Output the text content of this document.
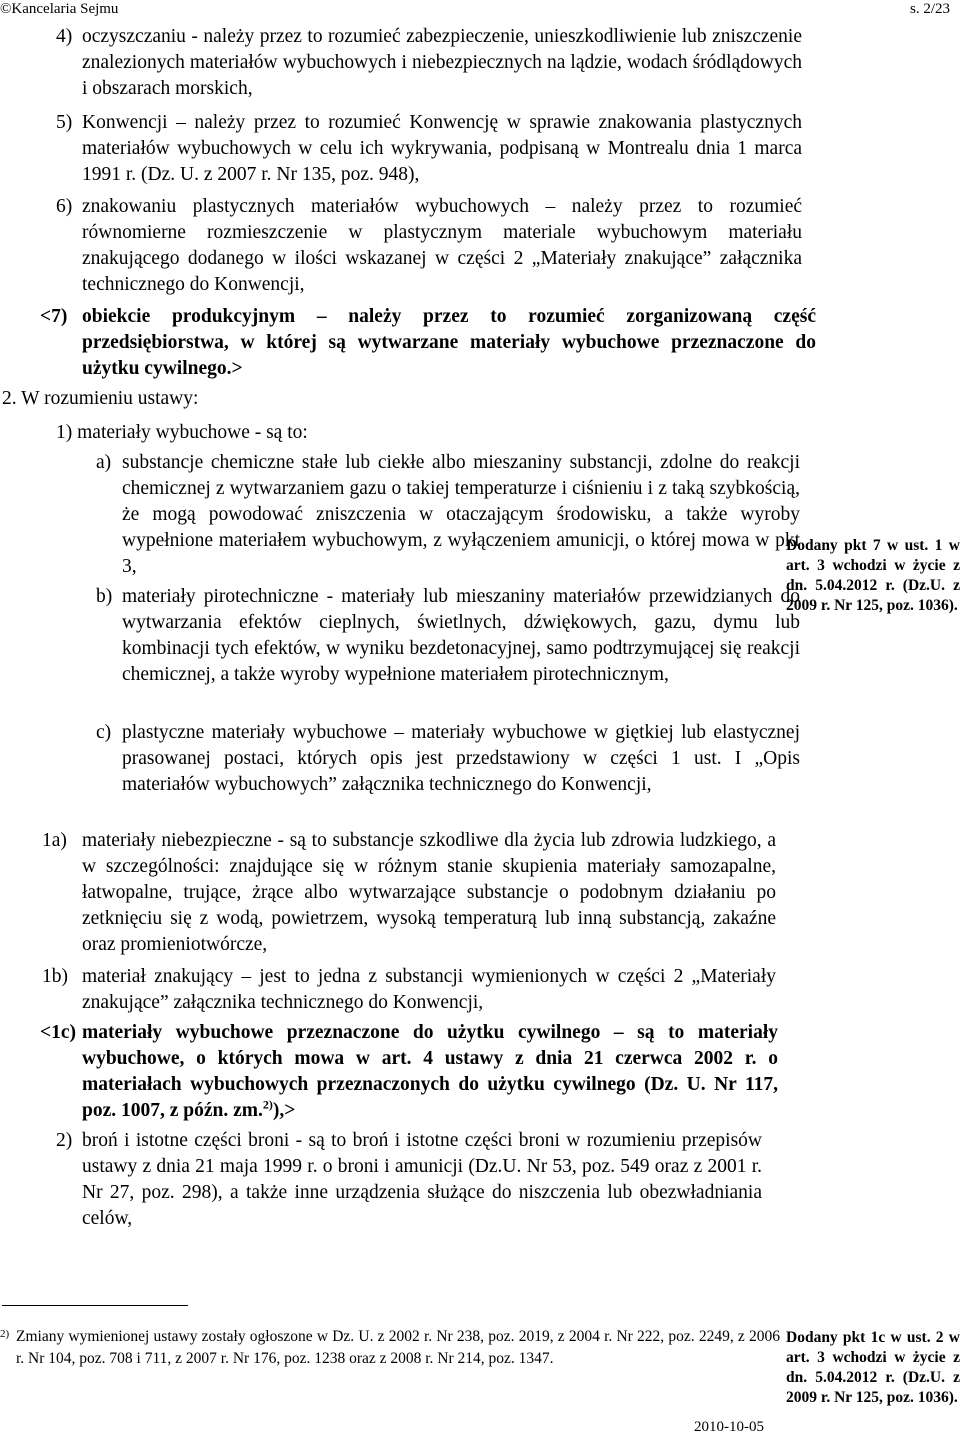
©Kancelaria Sejmu	s. 2/23
4) oczyszczaniu - należy przez to rozumieć zabezpieczenie, unieszkodliwienie lub zniszczenie znalezionych materiałów wybuchowych i niebezpiecznych na lądzie, wodach śródlądowych i obszarach morskich,
5) Konwencji – należy przez to rozumieć Konwencję w sprawie znakowania plastycznych materiałów wybuchowych w celu ich wykrywania, podpisaną w Montrealu dnia 1 marca 1991 r. (Dz. U. z 2007 r. Nr 135, poz. 948),
6) znakowaniu plastycznych materiałów wybuchowych – należy przez to rozumieć równomierne rozmieszczenie w plastycznym materiale wybuchowym materiału znakującego dodanego w ilości wskazanej w części 2 „Materiały znakujące” załącznika technicznego do Konwencji,
<7) obiekcie produkcyjnym – należy przez to rozumieć zorganizowaną część przedsiębiorstwa, w której są wytwarzane materiały wybuchowe przeznaczone do użytku cywilnego.>
2. W rozumieniu ustawy:
1) materiały wybuchowe - są to:
a) substancje chemiczne stałe lub ciekłe albo mieszaniny substancji, zdolne do reakcji chemicznej z wytwarzaniem gazu o takiej temperaturze i ciśnieniu i z taką szybkością, że mogą powodować zniszczenia w otaczającym środowisku, a także wyroby wypełnione materiałem wybuchowym, z wyłączeniem amunicji, o której mowa w pkt 3,
b) materiały pirotechniczne - materiały lub mieszaniny materiałów przewidzianych do wytwarzania efektów cieplnych, świetlnych, dźwiękowych, gazu, dymu lub kombinacji tych efektów, w wyniku bezdetonacyjnej, samo podtrzymującej się reakcji chemicznej, a także wyroby wypełnione materiałem pirotechnicznym,
c) plastyczne materiały wybuchowe – materiały wybuchowe w giętkiej lub elastycznej prasowanej postaci, których opis jest przedstawiony w części 1 ust. I „Opis materiałów wybuchowych” załącznika technicznego do Konwencji,
1a) materiały niebezpieczne - są to substancje szkodliwe dla życia lub zdrowia ludzkiego, a w szczególności: znajdujące się w różnym stanie skupienia materiały samozapalne, łatwopalne, trujące, żrące albo wytwarzające substancje o podobnym działaniu po zetknięciu się z wodą, powietrzem, wysoką temperaturą lub inną substancją, zakaźne oraz promieniotwórcze,
1b) materiał znakujący – jest to jedna z substancji wymienionych w części 2 „Materiały znakujące” załącznika technicznego do Konwencji,
<1c) materiały wybuchowe przeznaczone do użytku cywilnego – są to materiały wybuchowe, o których mowa w art. 4 ustawy z dnia 21 czerwca 2002 r. o materiałach wybuchowych przeznaczonych do użytku cywilnego (Dz. U. Nr 117, poz. 1007, z późn. zm.$^{2)}$),>
2) broń i istotne części broni - są to broń i istotne części broni w rozumieniu przepisów ustawy z dnia 21 maja 1999 r. o broni i amunicji (Dz.U. Nr 53, poz. 549 oraz z 2001 r. Nr 27, poz. 298), a także inne urządzenia służące do niszczenia lub obezwładniania celów,
Dodany pkt 7 w ust. 1 w art. 3 wchodzi w życie z dn. 5.04.2012 r. (Dz.U. z 2009 r. Nr 125, poz. 1036).
Dodany pkt 1c w ust. 2 w art. 3 wchodzi w życie z dn. 5.04.2012 r. (Dz.U. z 2009 r. Nr 125, poz. 1036).
2) Zmiany wymienionej ustawy zostały ogłoszone w Dz. U. z 2002 r. Nr 238, poz. 2019, z 2004 r. Nr 222, poz. 2249, z 2006 r. Nr 104, poz. 708 i 711, z 2007 r. Nr 176, poz. 1238 oraz z 2008 r. Nr 214, poz. 1347.
2010-10-05
